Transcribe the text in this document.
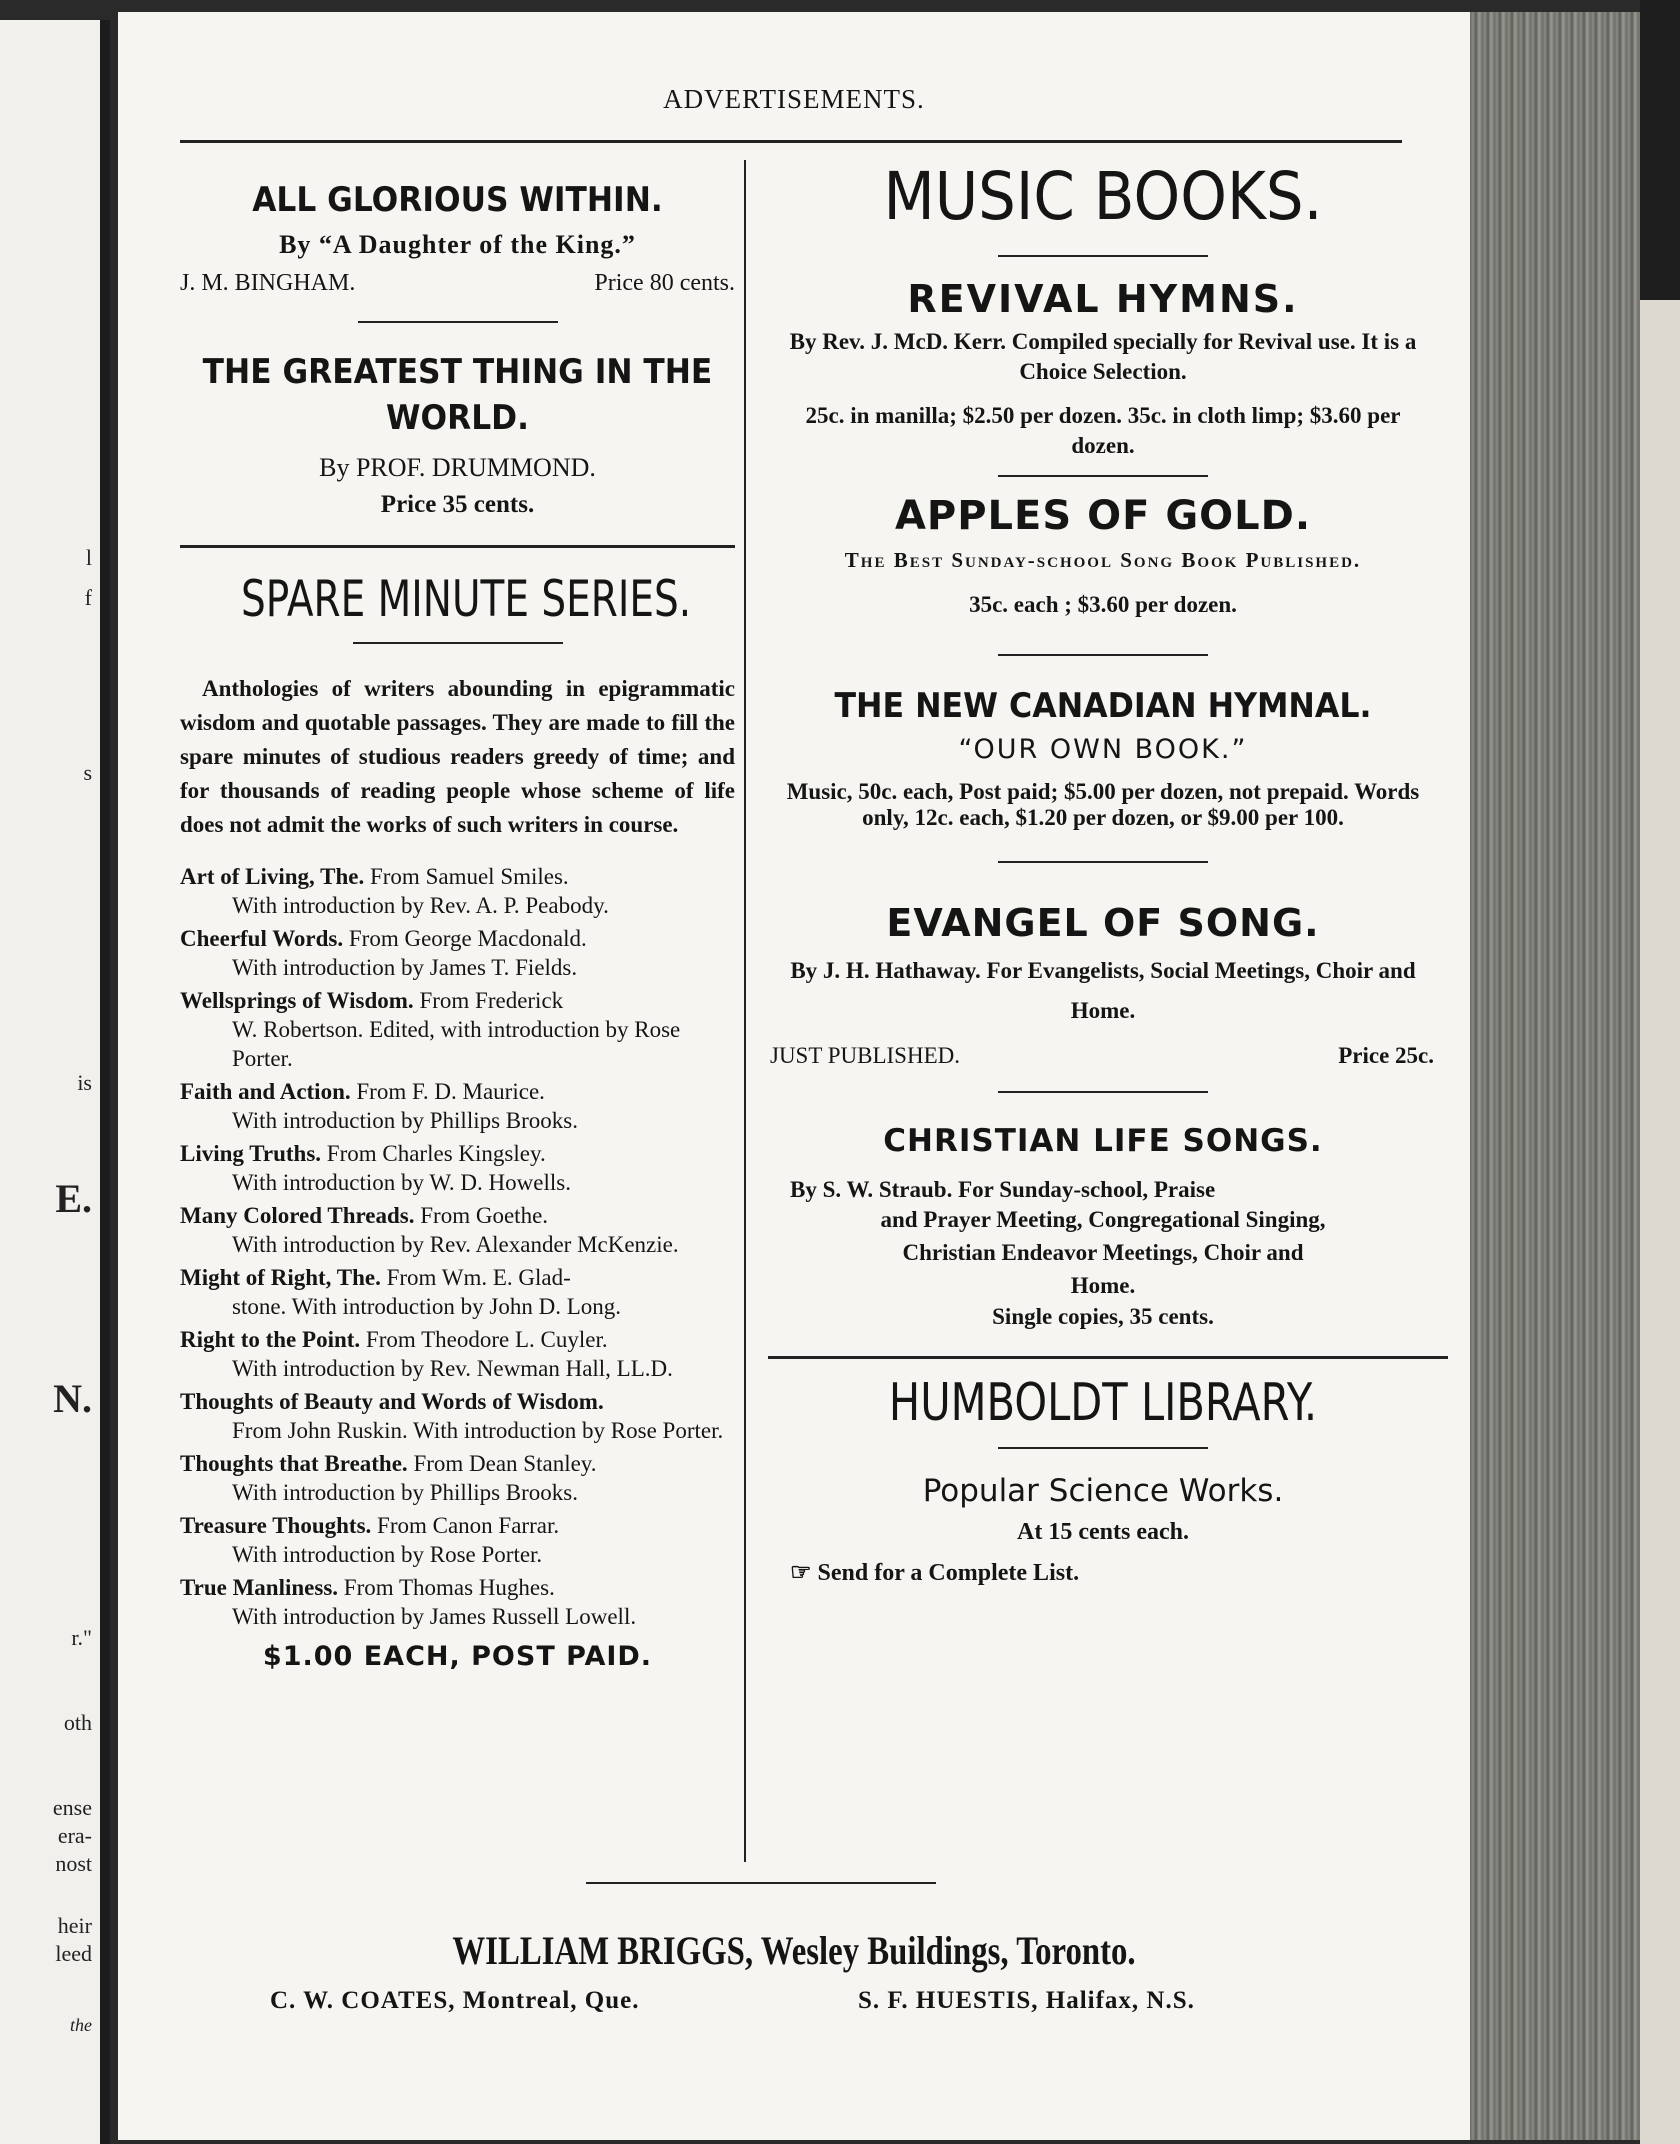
l
f
s
is
E.
N.
r."
oth
ense
era-
nost
heir
leed
the
ADVERTISEMENTS.
ALL GLORIOUS WITHIN.
By “A Daughter of the King.”
J. M. BINGHAM.	Price 80 cents.
THE GREATEST THING IN THE
WORLD.
By PROF. DRUMMOND.
Price 35 cents.
SPARE MINUTE SERIES.
Anthologies of writers abounding in epigrammatic wisdom and quotable passages. They are made to fill the spare minutes of studious readers greedy of time; and for thousands of reading people whose scheme of life does not admit the works of such writers in course.
Art of Living, The. From Samuel Smiles.
With introduction by Rev. A. P. Peabody.
Cheerful Words. From George Macdonald.
With introduction by James T. Fields.
Wellsprings of Wisdom. From Frederick
W. Robertson. Edited, with introduction by Rose Porter.
Faith and Action. From F. D. Maurice.
With introduction by Phillips Brooks.
Living Truths. From Charles Kingsley.
With introduction by W. D. Howells.
Many Colored Threads. From Goethe.
With introduction by Rev. Alexander McKenzie.
Might of Right, The. From Wm. E. Glad-
stone. With introduction by John D. Long.
Right to the Point. From Theodore L. Cuyler.
With introduction by Rev. Newman Hall, LL.D.
Thoughts of Beauty and Words of Wisdom.
From John Ruskin. With introduction by Rose Porter.
Thoughts that Breathe. From Dean Stanley.
With introduction by Phillips Brooks.
Treasure Thoughts. From Canon Farrar.
With introduction by Rose Porter.
True Manliness. From Thomas Hughes.
With introduction by James Russell Lowell.
$1.00 EACH, POST PAID.
MUSIC BOOKS.
REVIVAL HYMNS.
By Rev. J. McD. Kerr. Compiled specially for Revival use. It is a Choice Selection.
25c. in manilla; $2.50 per dozen. 35c. in cloth limp; $3.60 per dozen.
APPLES OF GOLD.
The Best Sunday-school Song Book Published.
35c. each ; $3.60 per dozen.
THE NEW CANADIAN HYMNAL.
“OUR OWN BOOK.”
Music, 50c. each, Post paid; $5.00 per dozen, not prepaid. Words only, 12c. each, $1.20 per dozen, or $9.00 per 100.
EVANGEL OF SONG.
By J. H. Hathaway. For Evangelists, Social Meetings, Choir and Home.
JUST PUBLISHED.	Price 25c.
CHRISTIAN LIFE SONGS.
By S. W. Straub. For Sunday-school, Praise
and Prayer Meeting, Congregational Singing, Christian Endeavor Meetings, Choir and Home.
Single copies, 35 cents.
HUMBOLDT LIBRARY.
Popular Science Works.
At 15 cents each.
☞ Send for a Complete List.
WILLIAM BRIGGS, Wesley Buildings, Toronto.
C. W. COATES, Montreal, Que.	S. F. HUESTIS, Halifax, N.S.
